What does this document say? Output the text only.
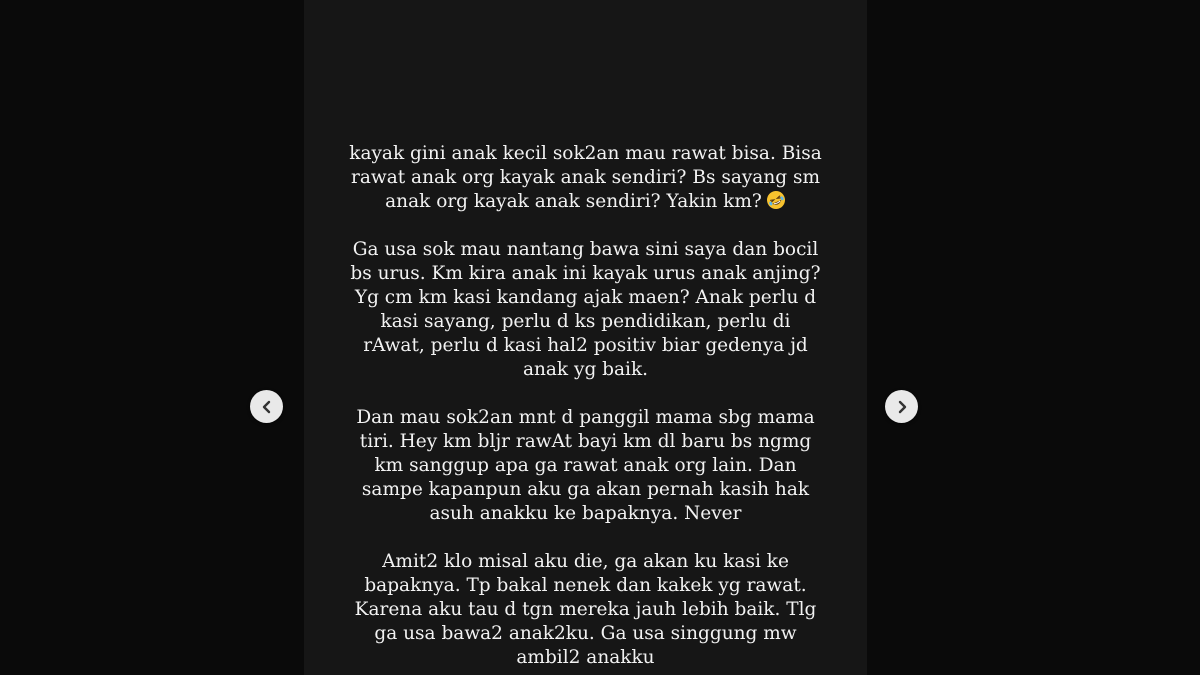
kayak gini anak kecil sok2an mau rawat bisa. Bisa
rawat anak org kayak anak sendiri? Bs sayang sm
anak org kayak anak sendiri? Yakin km?

Ga usa sok mau nantang bawa sini saya dan bocil
bs urus. Km kira anak ini kayak urus anak anjing?
Yg cm km kasi kandang ajak maen? Anak perlu d
kasi sayang, perlu d ks pendidikan, perlu di
rAwat, perlu d kasi hal2 positiv biar gedenya jd
anak yg baik.

Dan mau sok2an mnt d panggil mama sbg mama
tiri. Hey km bljr rawAt bayi km dl baru bs ngmg
km sanggup apa ga rawat anak org lain. Dan
sampe kapanpun aku ga akan pernah kasih hak
asuh anakku ke bapaknya. Never

Amit2 klo misal aku die, ga akan ku kasi ke
bapaknya. Tp bakal nenek dan kakek yg rawat.
Karena aku tau d tgn mereka jauh lebih baik. Tlg
ga usa bawa2 anak2ku. Ga usa singgung mw
ambil2 anakku
